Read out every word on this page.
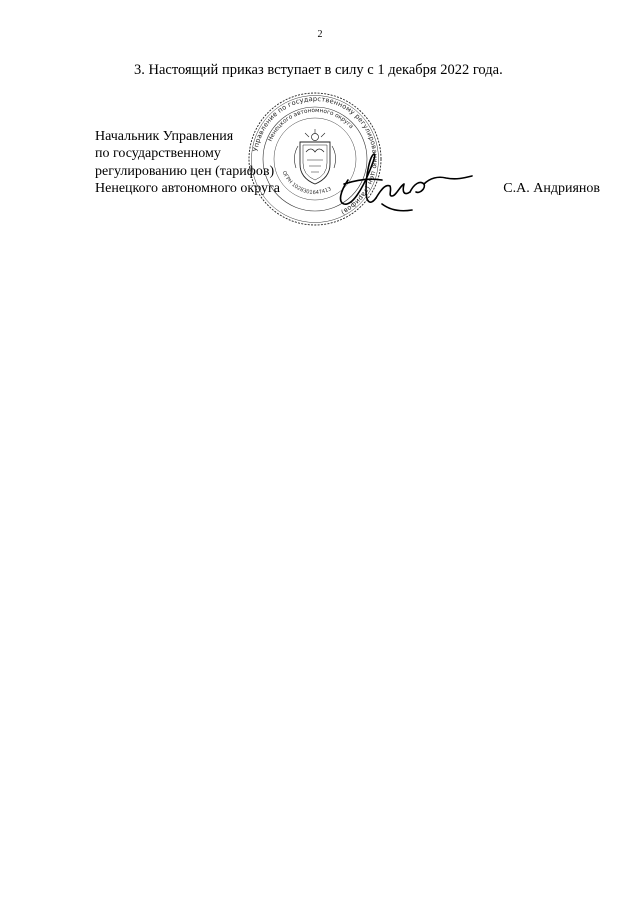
2
3. Настоящий приказ вступает в силу с 1 декабря 2022 года.
Начальник Управления
по государственному
регулированию цен (тарифов)
Ненецкого автономного округа	С.А. Андриянов
Управление по государственному регулированию цен (тарифов)
Ненецкого автономного округа
ОГРН 1028301647413
